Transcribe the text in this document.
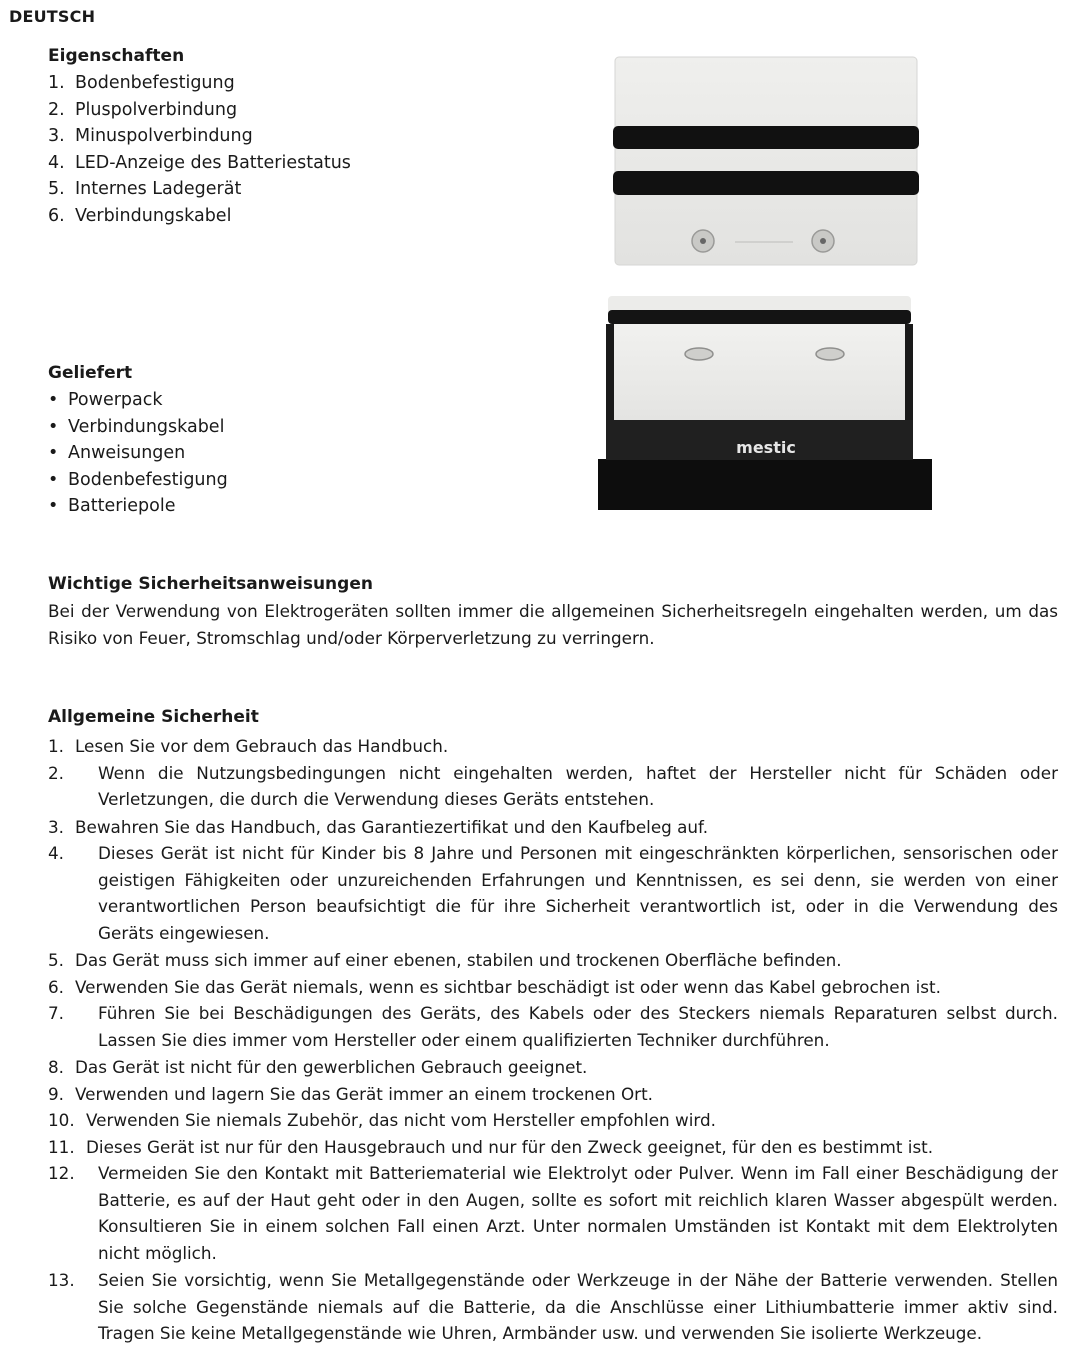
DEUTSCH
Eigenschaften
1. Bodenbefestigung
2. Pluspolverbindung
3. Minuspolverbindung
4. LED-Anzeige des Batteriestatus
5. Internes Ladegerät
6. Verbindungskabel
Geliefert
• Powerpack
• Verbindungskabel
• Anweisungen
• Bodenbefestigung
• Batteriepole
mestic
Wichtige Sicherheitsanweisungen
Bei der Verwendung von Elektrogeräten sollten immer die allgemeinen Sicherheitsregeln eingehalten werden, um das Risiko von Feuer, Stromschlag und/oder Körperverletzung zu verringern.
Allgemeine Sicherheit
1. Lesen Sie vor dem Gebrauch das Handbuch.
2.	Wenn die Nutzungsbedingungen nicht eingehalten werden, haftet der Hersteller nicht für Schäden oder Verletzungen, die durch die Verwendung dieses Geräts entstehen.
3. Bewahren Sie das Handbuch, das Garantiezertifikat und den Kaufbeleg auf.
4.	Dieses Gerät ist nicht für Kinder bis 8 Jahre und Personen mit eingeschränkten körperlichen, sensorischen oder geistigen Fähigkeiten oder unzureichenden Erfahrungen und Kenntnissen, es sei denn, sie werden von einer verantwortlichen Person beaufsichtigt die für ihre Sicherheit verantwortlich ist, oder in die Verwendung des Geräts eingewiesen.
5. Das Gerät muss sich immer auf einer ebenen, stabilen und trockenen Oberfläche befinden.
6. Verwenden Sie das Gerät niemals, wenn es sichtbar beschädigt ist oder wenn das Kabel gebrochen ist.
7.	Führen Sie bei Beschädigungen des Geräts, des Kabels oder des Steckers niemals Reparaturen selbst durch. Lassen Sie dies immer vom Hersteller oder einem qualifizierten Techniker durchführen.
8. Das Gerät ist nicht für den gewerblichen Gebrauch geeignet.
9. Verwenden und lagern Sie das Gerät immer an einem trockenen Ort.
10. Verwenden Sie niemals Zubehör, das nicht vom Hersteller empfohlen wird.
11. Dieses Gerät ist nur für den Hausgebrauch und nur für den Zweck geeignet, für den es bestimmt ist.
12.	Vermeiden Sie den Kontakt mit Batteriematerial wie Elektrolyt oder Pulver. Wenn im Fall einer Beschädigung der Batterie, es auf der Haut geht oder in den Augen, sollte es sofort mit reichlich klaren Wasser abgespült werden. Konsultieren Sie in einem solchen Fall einen Arzt. Unter normalen Umständen ist Kontakt mit dem Elektrolyten nicht möglich.
13.	Seien Sie vorsichtig, wenn Sie Metallgegenstände oder Werkzeuge in der Nähe der Batterie verwenden. Stellen Sie solche Gegenstände niemals auf die Batterie, da die Anschlüsse einer Lithiumbatterie immer aktiv sind. Tragen Sie keine Metallgegenstände wie Uhren, Armbänder usw. und verwenden Sie isolierte Werkzeuge.
